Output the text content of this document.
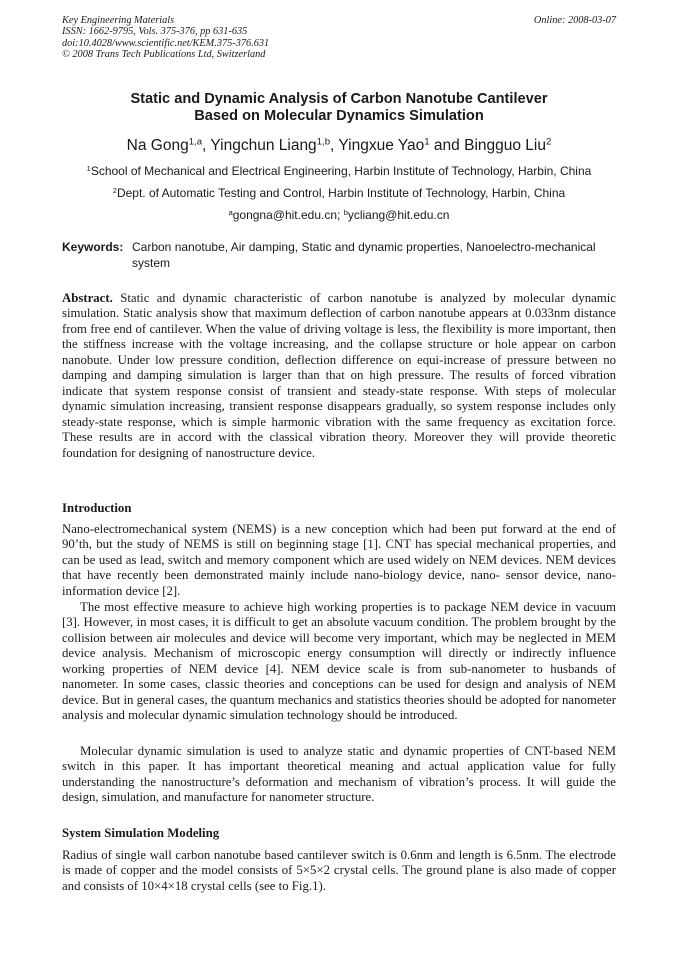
Key Engineering Materials
ISSN: 1662-9795, Vols. 375-376, pp 631-635
doi:10.4028/www.scientific.net/KEM.375-376.631
© 2008 Trans Tech Publications Ltd, Switzerland
Online: 2008-03-07
Static and Dynamic Analysis of Carbon Nanotube Cantilever
Based on Molecular Dynamics Simulation
Na Gong$^{1,a}$, Yingchun Liang$^{1,b}$, Yingxue Yao$^1$ and Bingguo Liu$^2$
$^1$School of Mechanical and Electrical Engineering, Harbin Institute of Technology, Harbin, China
$^2$Dept. of Automatic Testing and Control, Harbin Institute of Technology, Harbin, China
$^a$gongna@hit.edu.cn; $^b$ycliang@hit.edu.cn
Keywords: Carbon nanotube, Air damping, Static and dynamic properties, Nanoelectro-mechanical system

Abstract. Static and dynamic characteristic of carbon nanotube is analyzed by molecular dynamic simulation. Static analysis show that maximum deflection of carbon nanotube appears at 0.033nm distance from free end of cantilever. When the value of driving voltage is less, the flexibility is more important, then the stiffness increase with the voltage increasing, and the collapse structure or hole appear on carbon nanobute. Under low pressure condition, deflection difference on equi-increase of pressure between no damping and damping simulation is larger than that on high pressure. The results of forced vibration indicate that system response consist of transient and steady-state response. With steps of molecular dynamic simulation increasing, transient response disappears gradually, so system response includes only steady-state response, which is simple harmonic vibration with the same frequency as excitation force. These results are in accord with the classical vibration theory. Moreover they will provide theoretic foundation for designing of nanostructure device.

Introduction

Nano-electromechanical system (NEMS) is a new conception which had been put forward at the end of 90’th, but the study of NEMS is still on beginning stage [1]. CNT has special mechanical properties, and can be used as lead, switch and memory component which are used widely on NEM devices. NEM devices that have recently been demonstrated mainly include nano-biology device, nano- sensor device, nano-information device [2].

The most effective measure to achieve high working properties is to package NEM device in vacuum [3]. However, in most cases, it is difficult to get an absolute vacuum condition. The problem brought by the collision between air molecules and device will become very important, which may be neglected in MEM device analysis. Mechanism of microscopic energy consumption will directly or indirectly influence working properties of NEM device [4]. NEM device scale is from sub-nanometer to husbands of nanometer. In some cases, classic theories and conceptions can be used for design and analysis of NEM device. But in general cases, the quantum mechanics and statistics theories should be adopted for nanometer analysis and molecular dynamic simulation technology should be introduced.

Molecular dynamic simulation is used to analyze static and dynamic properties of CNT-based NEM switch in this paper. It has important theoretical meaning and actual application value for fully understanding the nanostructure’s deformation and mechanism of vibration’s process. It will guide the design, simulation, and manufacture for nanometer structure.

System Simulation Modeling

Radius of single wall carbon nanotube based cantilever switch is 0.6nm and length is 6.5nm. The electrode is made of copper and the model consists of 5×5×2 crystal cells. The ground plane is also made of copper and consists of 10×4×18 crystal cells (see to Fig.1).
